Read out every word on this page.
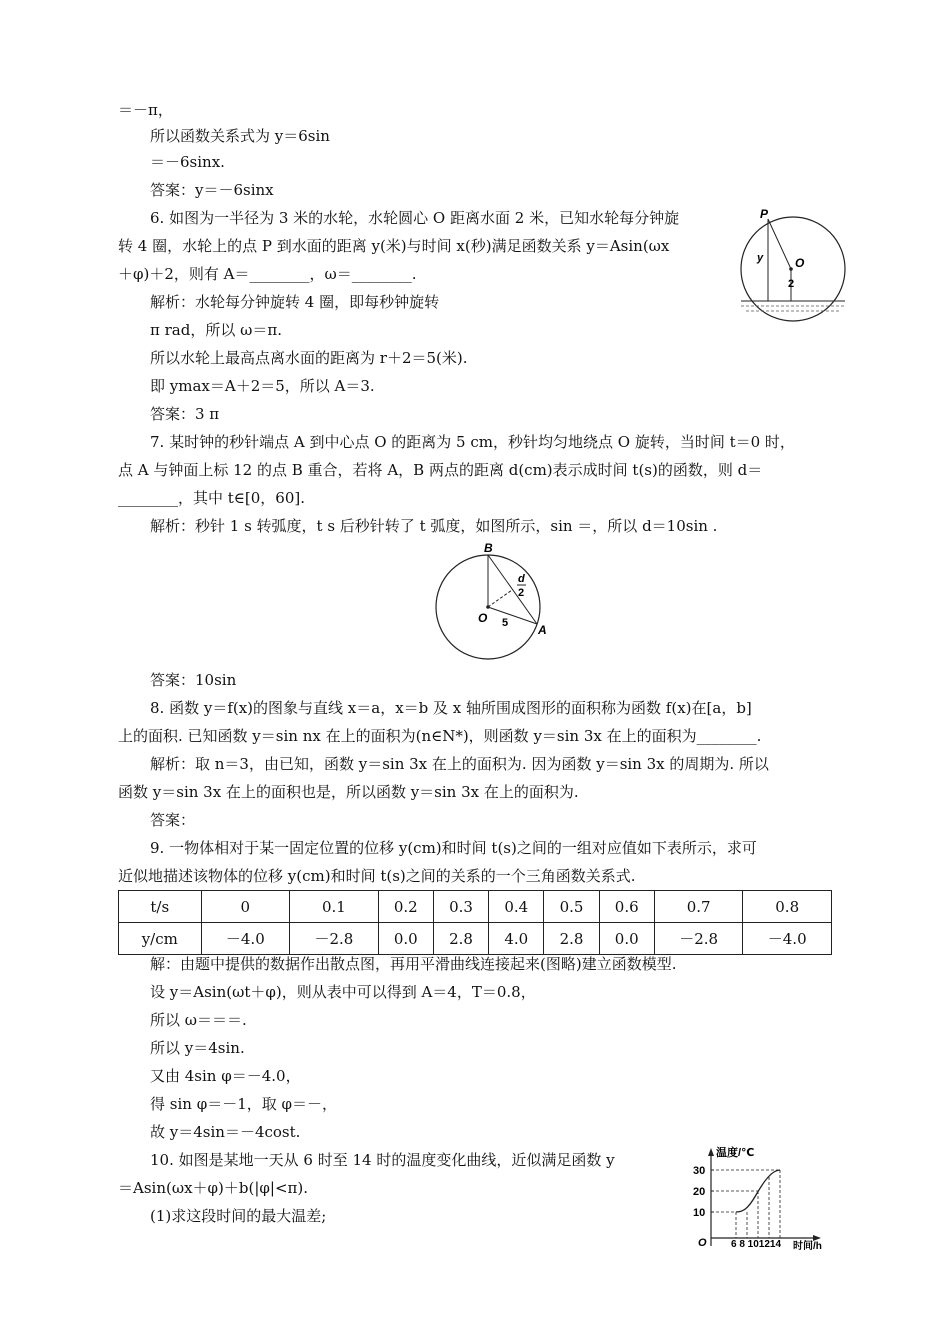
＝－π，
所以函数关系式为 y＝6sin
＝－6sinx.
答案：y＝－6sinx
6. 如图为一半径为 3 米的水轮，水轮圆心 O 距离水面 2 米，已知水轮每分钟旋
转 4 圈，水轮上的点 P 到水面的距离 y(米)与时间 x(秒)满足函数关系 y＝Asin(ωx
＋φ)＋2，则有 A＝________，ω＝________.
解析：水轮每分钟旋转 4 圈，即每秒钟旋转
π rad，所以 ω＝π.
所以水轮上最高点离水面的距离为 r＋2＝5(米).
即 ymax＝A＋2＝5，所以 A＝3.
答案：3 π
7. 某时钟的秒针端点 A 到中心点 O 的距离为 5 cm，秒针均匀地绕点 O 旋转，当时间 t＝0 时，
点 A 与钟面上标 12 的点 B 重合，若将 A，B 两点的距离 d(cm)表示成时间 t(s)的函数，则 d＝
________，其中 t∈[0，60].
解析：秒针 1 s 转弧度，t s 后秒针转了 t 弧度，如图所示，sin ＝，所以 d＝10sin .
答案：10sin
8. 函数 y＝f(x)的图象与直线 x＝a，x＝b 及 x 轴所围成图形的面积称为函数 f(x)在[a，b]
上的面积. 已知函数 y＝sin nx 在上的面积为(n∈N*)，则函数 y＝sin 3x 在上的面积为________.
解析：取 n＝3，由已知，函数 y＝sin 3x 在上的面积为. 因为函数 y＝sin 3x 的周期为. 所以
函数 y＝sin 3x 在上的面积也是，所以函数 y＝sin 3x 在上的面积为.
答案：
9. 一物体相对于某一固定位置的位移 y(cm)和时间 t(s)之间的一组对应值如下表所示，求可
近似地描述该物体的位移 y(cm)和时间 t(s)之间的关系的一个三角函数关系式.
t/s	0	0.1	0.2	0.3	0.4	0.5	0.6	0.7	0.8
y/cm	－4.0	－2.8	0.0	2.8	4.0	2.8	0.0	－2.8	－4.0
解：由题中提供的数据作出散点图，再用平滑曲线连接起来(图略)建立函数模型.
设 y＝Asin(ωt＋φ)，则从表中可以得到 A＝4，T＝0.8，
所以 ω＝＝＝.
所以 y＝4sin.
又由 4sin φ＝－4.0，
得 sin φ＝－1，取 φ＝－，
故 y＝4sin＝－4cost.
10. 如图是某地一天从 6 时至 14 时的温度变化曲线，近似满足函数 y
＝Asin(ωx＋φ)＋b(|φ|<π).
(1)求这段时间的最大温差;
P
O
y
2
B
O
A
d
2
5
温度/℃
时间/h
O
30
20
10
6 8 101214
